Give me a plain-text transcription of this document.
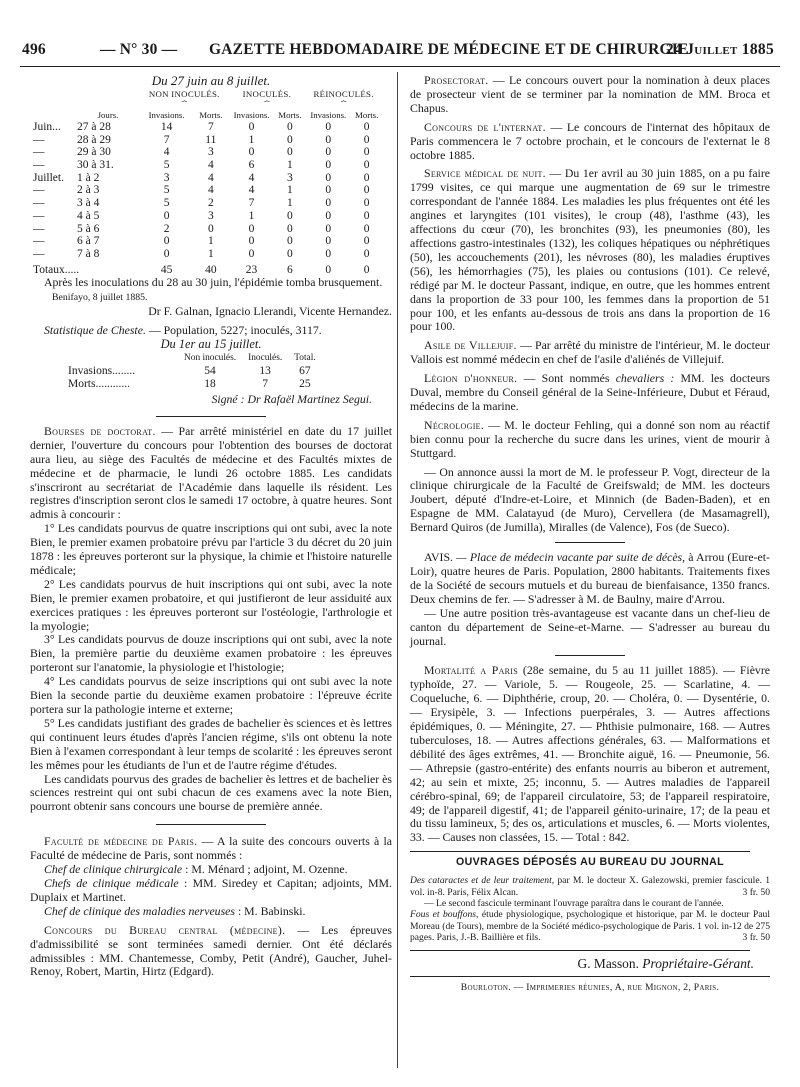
496	— N° 30 — GAZETTE HEBDOMADAIRE DE MÉDECINE ET DE CHIRURGIE
24 Juillet 1885
Du 27 juin au 8 juillet.
		NON INOCULÉS.		INOCULÉS.		RÉINOCULÉS.	
		⏞		⏞		⏞	
	Jours.	Invasions.	Morts.	Invasions.	Morts.	Invasions.	Morts.
Juin...	27 à 28	14	7	0	0	0	0
—	28 à 29	7	11	1	0	0	0
—	29 à 30	4	3	0	0	0	0
—	30 à 31.	5	4	6	1	0	0
Juillet.	1 à 2	3	4	4	3	0	0
—	2 à 3	5	4	4	1	0	0
—	3 à 4	5	2	7	1	0	0
—	4 à 5	0	3	1	0	0	0
—	5 à 6	2	0	0	0	0	0
—	6 à 7	0	1	0	0	0	0
—	7 à 8	0	1	0	0	0	0
Totaux.....		45	40	23	6	0	0

Après les inoculations du 28 au 30 juin, l'épidémie tomba brusquement.

Benifayo, 8 juillet 1885.
Dr F. Galnan, Ignacio Llerandi, Vicente Hernandez.

Statistique de Cheste. — Population, 5227; inoculés, 3117.

Du 1er au 15 juillet.
	Non inoculés.	Inoculés.	Total.
Invasions........	54	13	67
Morts............	18	7	25
Signé : Dr Rafaël Martinez Segui.

Bourses de doctorat. — Par arrêté ministériel en date du 17 juillet dernier, l'ouverture du concours pour l'obtention des bourses de doctorat aura lieu, au siège des Facultés de médecine et des Facultés mixtes de médecine et de pharmacie, le lundi 26 octobre 1885. Les candidats s'inscriront au secrétariat de l'Académie dans laquelle ils résident. Les registres d'inscription seront clos le samedi 17 octobre, à quatre heures. Sont admis à concourir :

1° Les candidats pourvus de quatre inscriptions qui ont subi, avec la note Bien, le premier examen probatoire prévu par l'article 3 du décret du 20 juin 1878 : les épreuves porteront sur la physique, la chimie et l'histoire naturelle médicale;

2° Les candidats pourvus de huit inscriptions qui ont subi, avec la note Bien, le premier examen probatoire, et qui justifieront de leur assiduité aux exercices pratiques : les épreuves porteront sur l'ostéologie, l'arthrologie et la myologie;

3° Les candidats pourvus de douze inscriptions qui ont subi, avec la note Bien, la première partie du deuxième examen probatoire : les épreuves porteront sur l'anatomie, la physiologie et l'histologie;

4° Les candidats pourvus de seize inscriptions qui ont subi avec la note Bien la seconde partie du deuxième examen probatoire : l'épreuve écrite portera sur la pathologie interne et externe;

5° Les candidats justifiant des grades de bachelier ès sciences et ès lettres qui continuent leurs études d'après l'ancien régime, s'ils ont obtenu la note Bien à l'examen correspondant à leur temps de scolarité : les épreuves seront les mêmes pour les étudiants de l'un et de l'autre régime d'études.

Les candidats pourvus des grades de bachelier ès lettres et de bachelier ès sciences restreint qui ont subi chacun de ces examens avec la note Bien, pourront obtenir sans concours une bourse de première année.

Faculté de médecine de Paris. — A la suite des concours ouverts à la Faculté de médecine de Paris, sont nommés :

Chef de clinique chirurgicale : M. Ménard ; adjoint, M. Ozenne.

Chefs de clinique médicale : MM. Siredey et Capitan; adjoints, MM. Duplaix et Martinet.

Chef de clinique des maladies nerveuses : M. Babinski.

Concours du Bureau central (médecine). — Les épreuves d'admissibilité se sont terminées samedi dernier. Ont été déclarés admissibles : MM. Chantemesse, Comby, Petit (André), Gaucher, Juhel-Renoy, Robert, Martin, Hirtz (Edgard).

Prosectorat. — Le concours ouvert pour la nomination à deux places de prosecteur vient de se terminer par la nomination de MM. Broca et Chapus.

Concours de l'internat. — Le concours de l'internat des hôpitaux de Paris commencera le 7 octobre prochain, et le concours de l'externat le 8 octobre 1885.

Service médical de nuit. — Du 1er avril au 30 juin 1885, on a pu faire 1799 visites, ce qui marque une augmentation de 69 sur le trimestre correspondant de l'année 1884. Les maladies les plus fréquentes ont été les angines et laryngites (101 visites), le croup (48), l'asthme (43), les affections du cœur (70), les bronchites (93), les pneumonies (80), les affections gastro-intestinales (132), les coliques hépatiques ou néphrétiques (50), les accouchements (201), les névroses (80), les maladies éruptives (56), les hémorrhagies (75), les plaies ou contusions (101). Ce relevé, rédigé par M. le docteur Passant, indique, en outre, que les hommes entrent dans la proportion de 33 pour 100, les femmes dans la proportion de 51 pour 100, et les enfants au-dessous de trois ans dans la proportion de 16 pour 100.

Asile de Villejuif. — Par arrêté du ministre de l'intérieur, M. le docteur Vallois est nommé médecin en chef de l'asile d'aliénés de Villejuif.

Légion d'honneur. — Sont nommés chevaliers : MM. les docteurs Duval, membre du Conseil général de la Seine-Inférieure, Dubut et Féraud, médecins de la marine.

Nécrologie. — M. le docteur Fehling, qui a donné son nom au réactif bien connu pour la recherche du sucre dans les urines, vient de mourir à Stuttgard.

— On annonce aussi la mort de M. le professeur P. Vogt, directeur de la clinique chirurgicale de la Faculté de Greifswald; de MM. les docteurs Joubert, député d'Indre-et-Loire, et Minnich (de Baden-Baden), et en Espagne de MM. Calatayud (de Muro), Cervellera (de Masamagrell), Bernard Quiros (de Jumilla), Miralles (de Valence), Fos (de Sueco).

AVIS. — Place de médecin vacante par suite de décès, à Arrou (Eure-et-Loir), quatre heures de Paris. Population, 2800 habitants. Traitements fixes de la Société de secours mutuels et du bureau de bienfaisance, 1350 francs. Deux chemins de fer. — S'adresser à M. de Baulny, maire d'Arrou.

— Une autre position très-avantageuse est vacante dans un chef-lieu de canton du département de Seine-et-Marne. — S'adresser au bureau du journal.

Mortalité a Paris (28e semaine, du 5 au 11 juillet 1885). — Fièvre typhoïde, 27. — Variole, 5. — Rougeole, 25. — Scarlatine, 4. — Coqueluche, 6. — Diphthérie, croup, 20. — Choléra, 0. — Dysentérie, 0. — Erysipèle, 3. — Infections puerpérales, 3. — Autres affections épidémiques, 0. — Méningite, 27. — Phthisie pulmonaire, 168. — Autres tuberculoses, 18. — Autres affections générales, 63. — Malformations et débilité des âges extrêmes, 41. — Bronchite aiguë, 16. — Pneumonie, 56. — Athrepsie (gastro-entérite) des enfants nourris au biberon et autrement, 42; au sein et mixte, 25; inconnu, 5. — Autres maladies de l'appareil cérébro-spinal, 69; de l'appareil circulatoire, 53; de l'appareil respiratoire, 49; de l'appareil digestif, 41; de l'appareil génito-urinaire, 17; de la peau et du tissu lamineux, 5; des os, articulations et muscles, 6. — Morts violentes, 33. — Causes non classées, 15. — Total : 842.

OUVRAGES DÉPOSÉS AU BUREAU DU JOURNAL
Des cataractes et de leur traitement, par M. le docteur X. Galezowski, premier fascicule. 1 vol. in-8. Paris, Félix Alcan.	3 fr. 50
— Le second fascicule terminant l'ouvrage paraîtra dans le courant de l'année.
Fous et bouffons, étude physiologique, psychologique et historique, par M. le docteur Paul Moreau (de Tours), membre de la Société médico-psychologique de Paris. 1 vol. in-12 de 275 pages. Paris, J.-B. Baillière et fils.	3 fr. 50
G. Masson. Propriétaire-Gérant.
Bourloton. — Imprimeries réunies, A, rue Mignon, 2, Paris.
